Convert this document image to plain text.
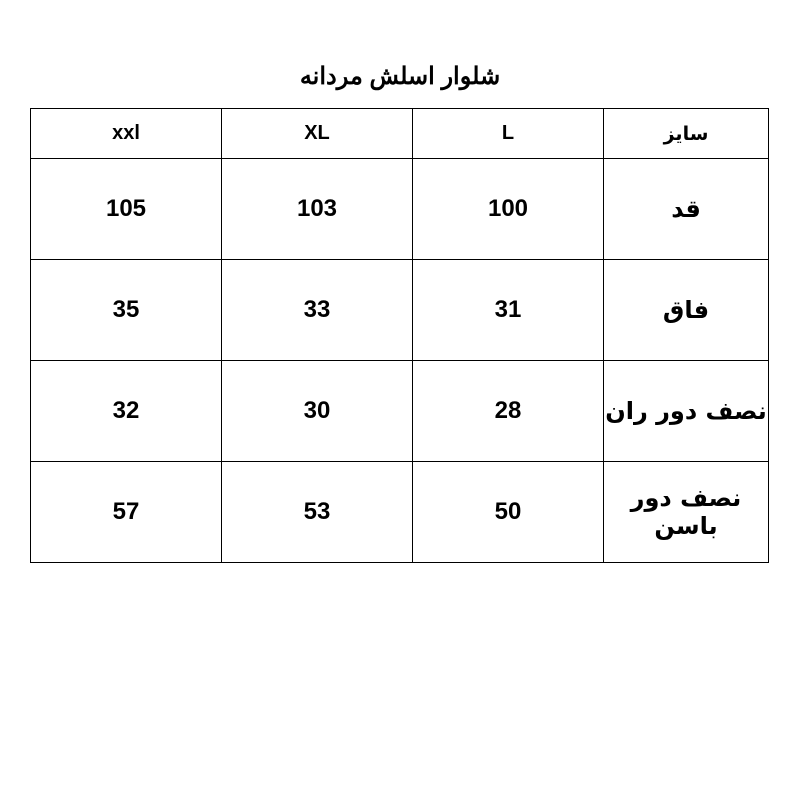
شلوار اسلش مردانه
xxl	XL	L	سایز
105	103	100	قد
35	33	31	فاق
32	30	28	نصف دور ران
57	53	50	نصف دور باسن
